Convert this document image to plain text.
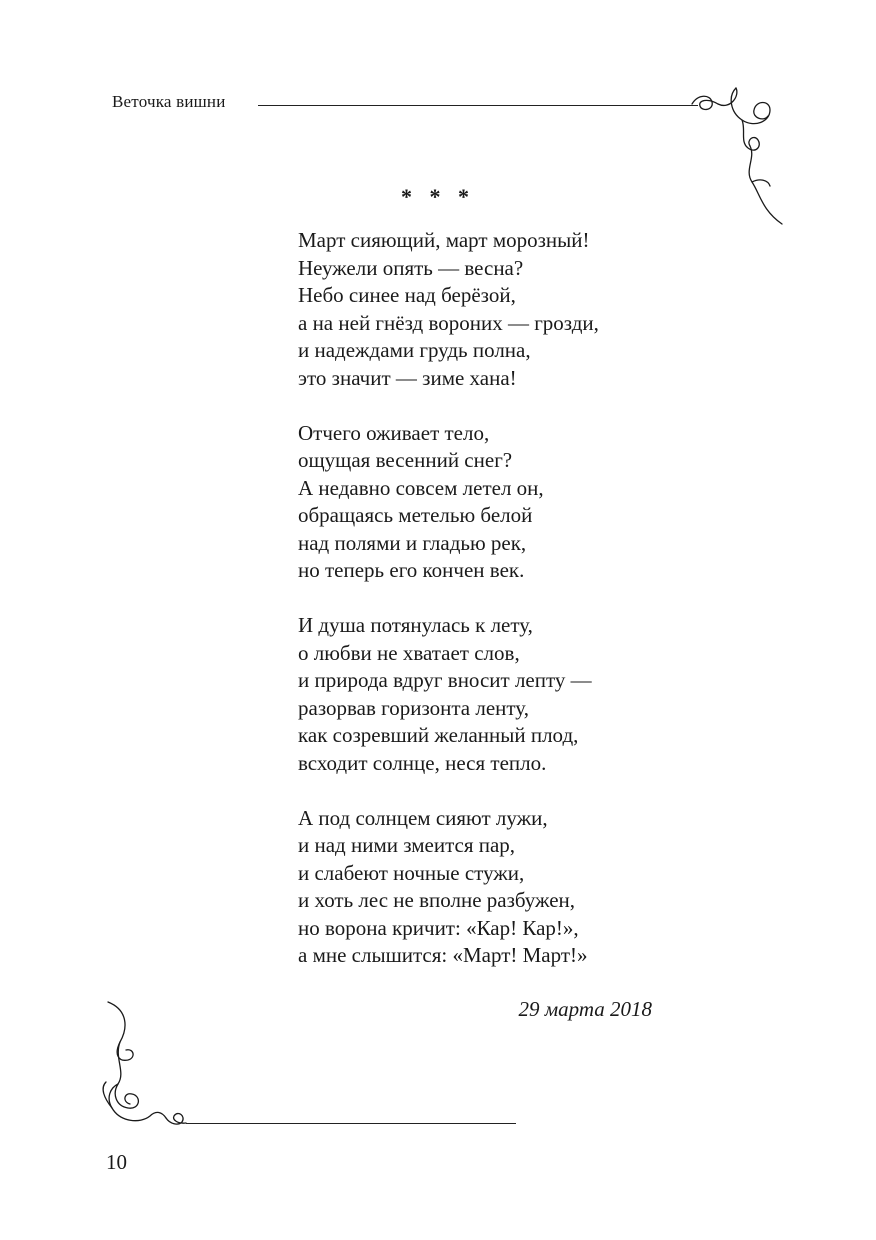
Веточка вишни
* * *
Март сияющий, март морозный!
Неужели опять — весна?
Небо синее над берёзой,
а на ней гнёзд вороних — грозди,
и надеждами грудь полна,
это значит — зиме хана!
Отчего оживает тело,
ощущая весенний снег?
А недавно совсем летел он,
обращаясь метелью белой
над полями и гладью рек,
но теперь его кончен век.
И душа потянулась к лету,
о любви не хватает слов,
и природа вдруг вносит лепту —
разорвав горизонта ленту,
как созревший желанный плод,
всходит солнце, неся тепло.
А под солнцем сияют лужи,
и над ними змеится пар,
и слабеют ночные стужи,
и хоть лес не вполне разбужен,
но ворона кричит: «Кар! Кар!»,
а мне слышится: «Март! Март!»
29 марта 2018
10
